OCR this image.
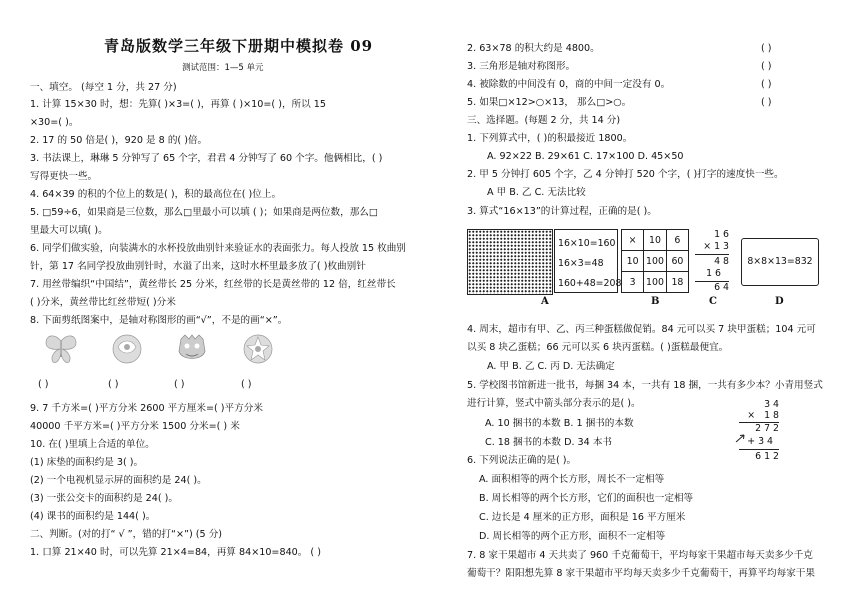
青岛版数学三年级下册期中模拟卷 09
测试范围：1—5 单元
一、填空。 (每空 1 分，共 27 分)
1. 计算 15×30 时，想：先算( )×3=( )，再算 ( )×10=( )，所以 15
×30=( )。
2. 17 的 50 倍是( )，920 是 8 的( )倍。
3. 书法课上，琳琳 5 分钟写了 65 个字，君君 4 分钟写了 60 个字。他俩相比，( )
写得更快一些。
4. 64×39 的积的个位上的数是( )，积的最高位在( )位上。
5. □59÷6，如果商是三位数，那么□里最小可以填 ( )；如果商是两位数，那么□
里最大可以填( )。
6. 同学们做实验，向装满水的水杯投放曲别针来验证水的表面张力。每人投放 15 枚曲别
针，第 17 名同学投放曲别针时，水溢了出来，这时水杯里最多放了( )枚曲别针
7. 用丝带编织“中国结”，黄丝带长 25 分米，红丝带的长是黄丝带的 12 倍，红丝带长
( )分米，黄丝带比红丝带短( )分米
8. 下面剪纸图案中，是轴对称图形的画“√”，不是的画“×”。
( )	( )	( )	( )
9. 7 千方米=( )平方分米 2600 平方厘米=( )平方分米
40000 千平方米=( )平方分米 1500 分米=( ) 米
10. 在( )里填上合适的单位。
(1) 床垫的面积约是 3( )。
(2) 一个电视机显示屏的面积约是 24( )。
(3) 一张公交卡的面积约是 24( )。
(4) 课书的面积约是 144( )。
二、判断。(对的打“ √ ”，错的打“×”) (5 分)
1. 口算 21×40 时，可以先算 21×4=84，再算 84×10=840。 ( )
2. 63×78 的积大约是 4800。	( )
3. 三角形是轴对称图形。	( )
4. 被除数的中间没有 0，商的中间一定没有 0。	( )
5. 如果□×12>○×13， 那么□>○。	( )
三、选择题。(每题 2 分，共 14 分)
1. 下列算式中，( )的积最接近 1800。
A. 92×22 B. 29×61 C. 17×100 D. 45×50
2. 甲 5 分钟打 605 个字，乙 4 分钟打 520 个字，( )打字的速度快一些。
A 甲 B. 乙 C. 无法比较
3. 算式“16×13”的计算过程，正确的是( )。
16×10=160
16×3=48
160+48=208
×	10	6
10	100	60
3	100	18
1 6
× 1 3
4 8
1 6
6 4
8×8×13=832
A	B	C	D
4. 周末，超市有甲、乙、丙三种蛋糕做促销。84 元可以买 7 块甲蛋糕；104 元可
以买 8 块乙蛋糕；66 元可以买 6 块丙蛋糕。( )蛋糕最便宜。
A. 甲 B. 乙 C. 丙 D. 无法确定
5. 学校图书馆新进一批书，每捆 34 本，一共有 18 捆，一共有多少本？小青用竖式
进行计算，竖式中箭头部分表示的是( )。
A. 10 捆书的本数 B. 1 捆书的本数
C. 18 捆书的本数 D. 34 本书
6. 下列说法正确的是( )。
A. 面积相等的两个长方形，周长不一定相等
B. 周长相等的两个长方形，它们的面积也一定相等
C. 边长是 4 厘米的正方形，面积是 16 平方厘米
D. 周长相等的两个正方形，面积不一定相等
7. 8 家干果超市 4 天共卖了 960 千克葡萄干，平均每家干果超市每天卖多少千克
葡萄干？阳阳想先算 8 家干果超市平均每天卖多少千克葡萄干，再算平均每家干果
3 4
×   1 8
2 7 2
+ 3 4
6 1 2
